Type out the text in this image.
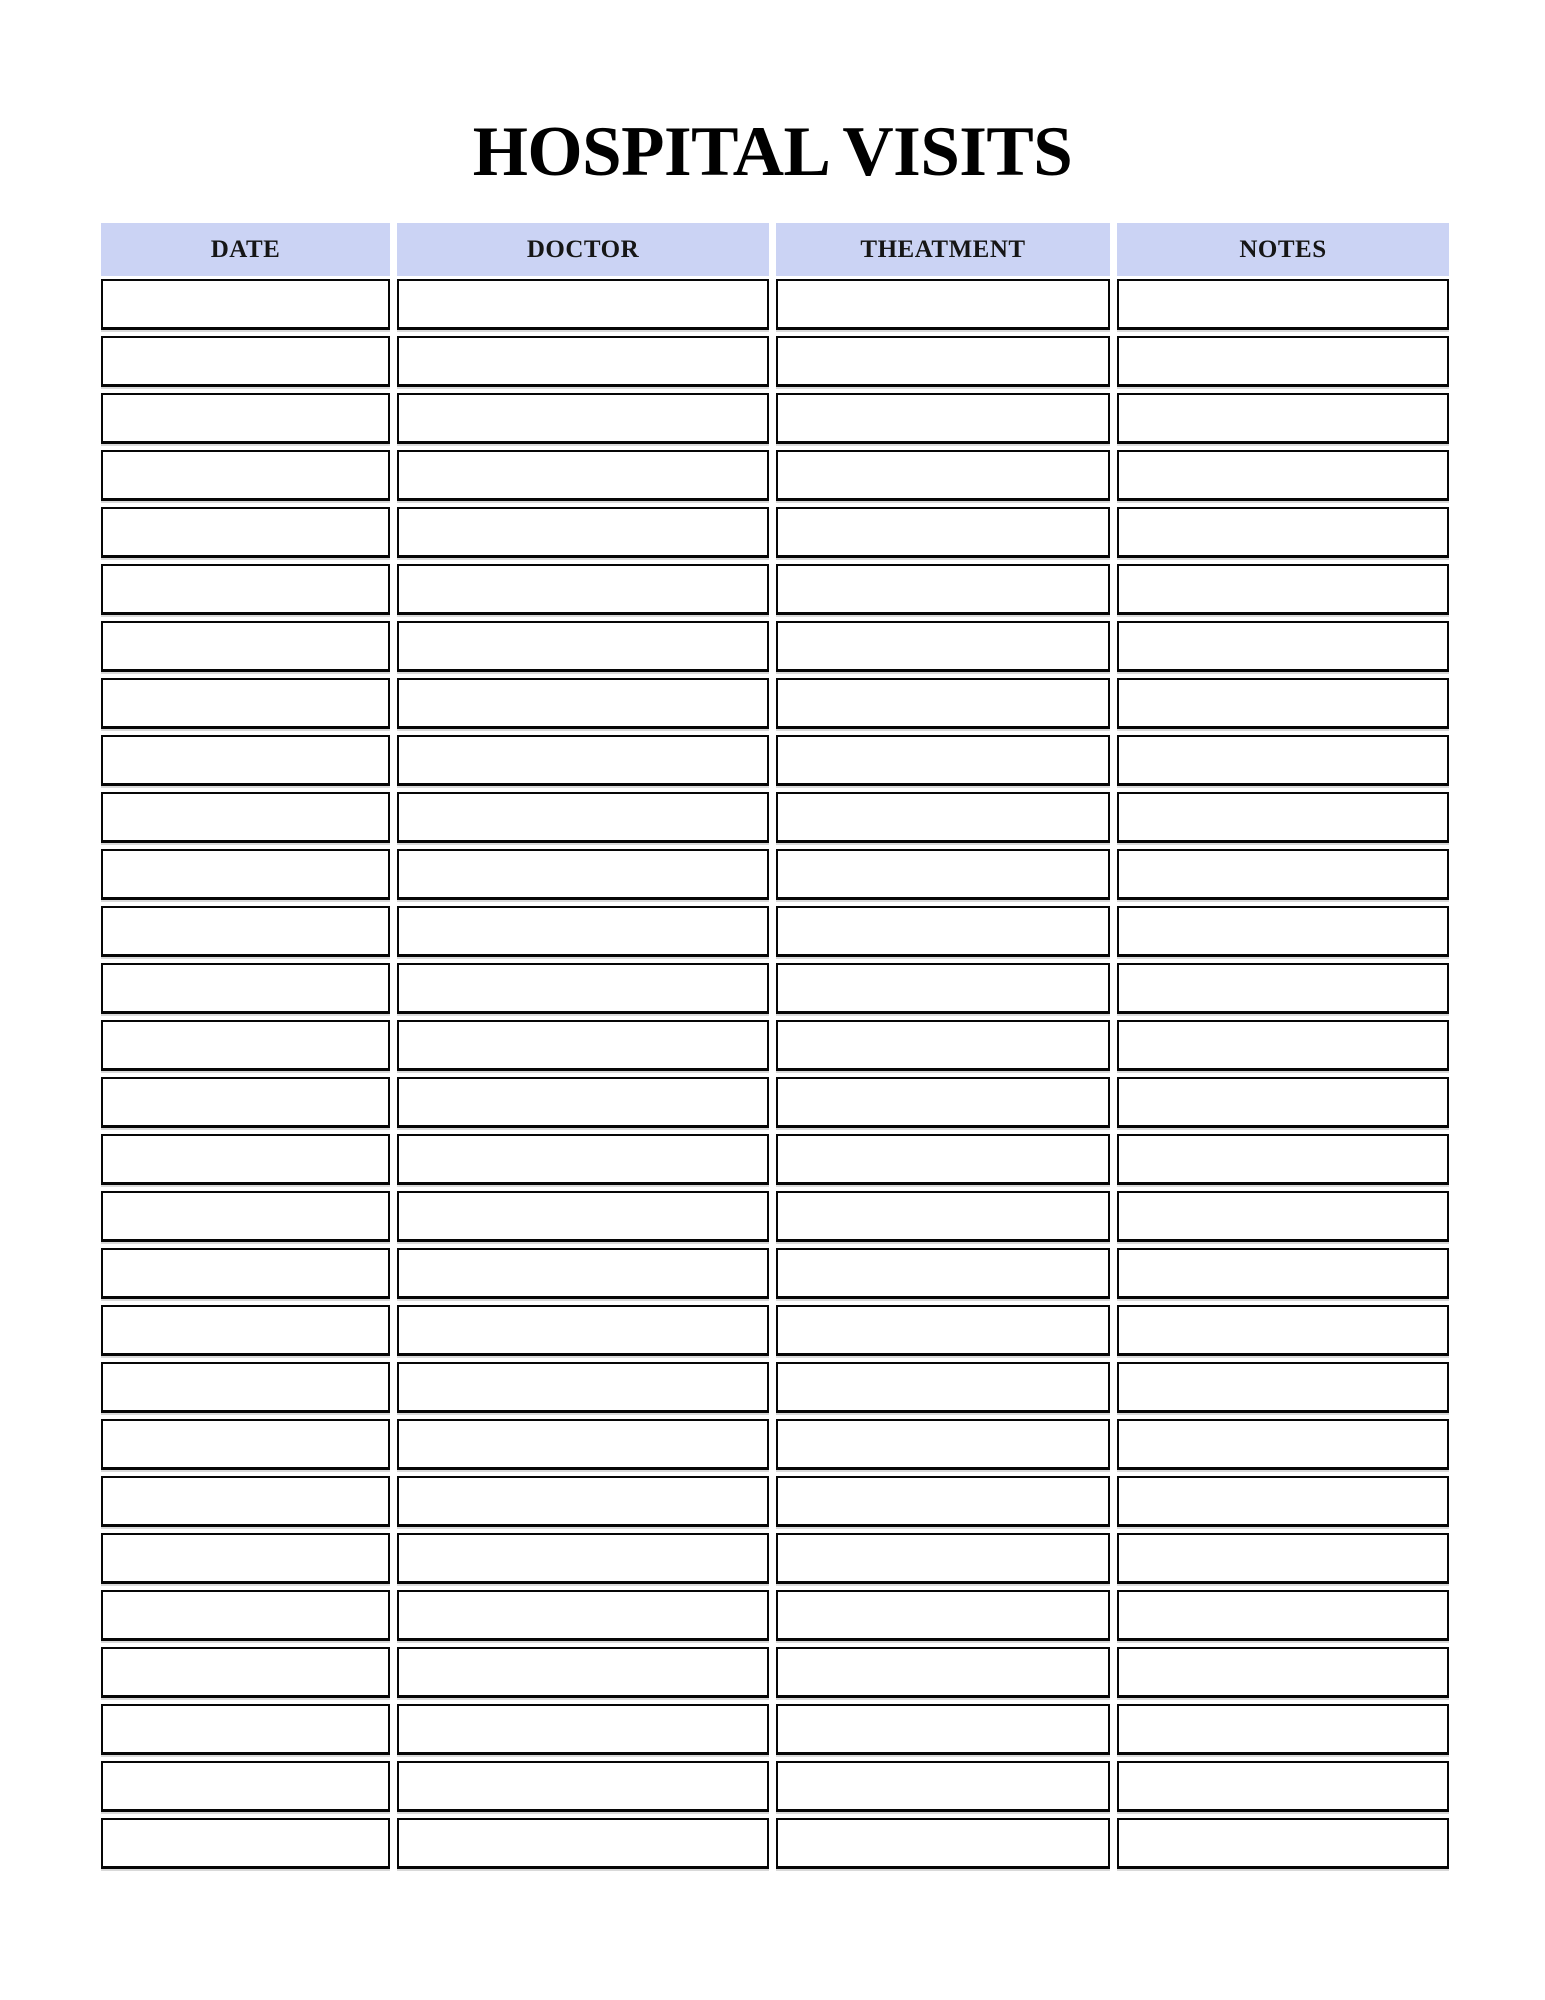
HOSPITAL VISITS
DATE	DOCTOR	THEATMENT	NOTES
